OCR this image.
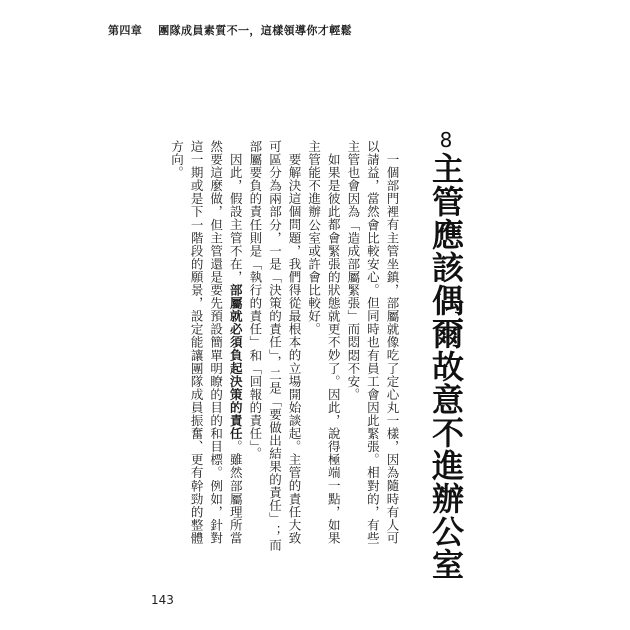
第四章 團隊成員素質不一，這樣領導你才輕鬆
8主管應該偶爾故意不進辦公室

一個部門裡有主管坐鎮，部屬就像吃了定心丸一樣，因為隨時有人可以請益，當然會比較安心。但同時也有員工會因此緊張。相對的，有些主管也會因為「造成部屬緊張」而悶悶不安。

如果是彼此都會緊張的狀態就更不妙了。因此，說得極端一點，如果主管能不進辦公室或許會比較好。

要解決這個問題，我們得從最根本的立場開始談起。主管的責任大致可區分為兩部分，一是「決策的責任」，二是「要做出結果的責任」；而部屬要負的責任則是「執行的責任」和「回報的責任」。

因此，假設主管不在，部屬就必須負起決策的責任。雖然部屬理所當然要這麼做，但主管還是要先預設簡單明瞭的目的和目標。例如，針對這一期或是下一階段的願景，設定能讓團隊成員振奮、更有幹勁的整體方向。

143
